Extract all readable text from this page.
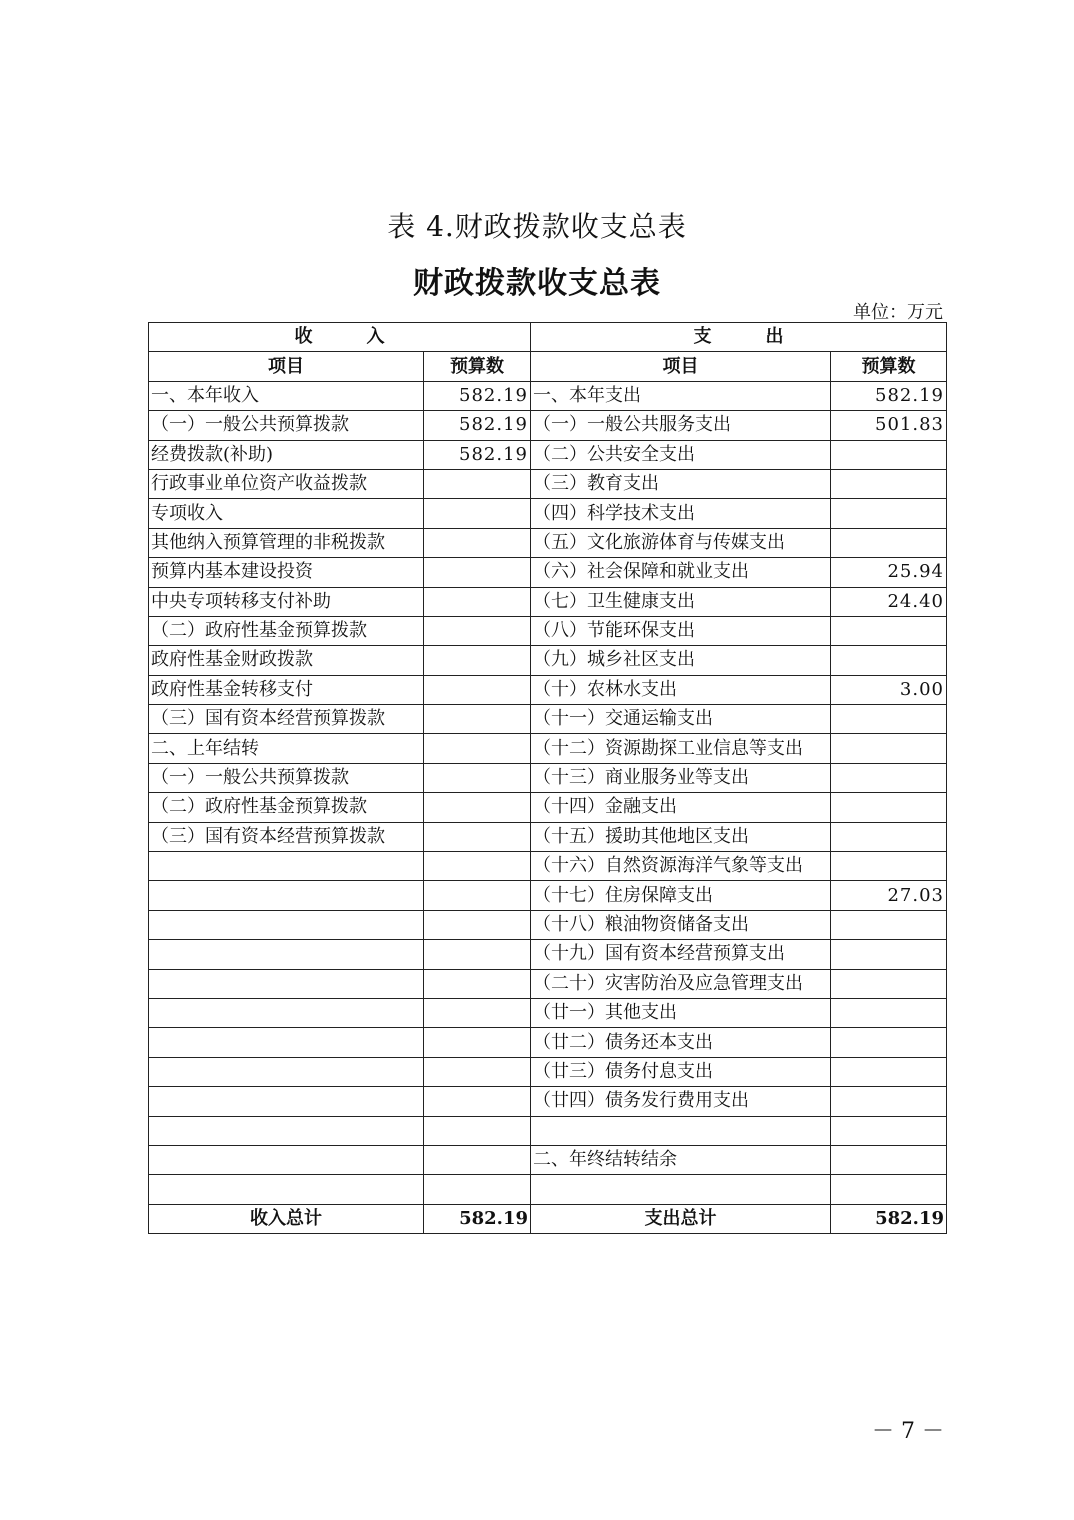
表 4.财政拨款收支总表
财政拨款收支总表
单位：万元
收　　　入		支　　　出	
项目	预算数	项目	预算数
一、本年收入	582.19	一、本年支出	582.19
（一）一般公共预算拨款	582.19	（一）一般公共服务支出	501.83
经费拨款(补助)	582.19	（二）公共安全支出	
行政事业单位资产收益拨款		（三）教育支出	
专项收入		（四）科学技术支出	
其他纳入预算管理的非税拨款		（五）文化旅游体育与传媒支出	
预算内基本建设投资		（六）社会保障和就业支出	25.94
中央专项转移支付补助		（七）卫生健康支出	24.40
（二）政府性基金预算拨款		（八）节能环保支出	
政府性基金财政拨款		（九）城乡社区支出	
政府性基金转移支付		（十）农林水支出	3.00
（三）国有资本经营预算拨款		（十一）交通运输支出	
二、上年结转		（十二）资源勘探工业信息等支出	
（一）一般公共预算拨款		（十三）商业服务业等支出	
（二）政府性基金预算拨款		（十四）金融支出	
（三）国有资本经营预算拨款		（十五）援助其他地区支出	
		（十六）自然资源海洋气象等支出	
		（十七）住房保障支出	27.03
		（十八）粮油物资储备支出	
		（十九）国有资本经营预算支出	
		（二十）灾害防治及应急管理支出	
		（廿一）其他支出	
		（廿二）债务还本支出	
		（廿三）债务付息支出	
		（廿四）债务发行费用支出	

		二、年终结转结余	

收入总计	582.19	支出总计	582.19
－ 7 －
